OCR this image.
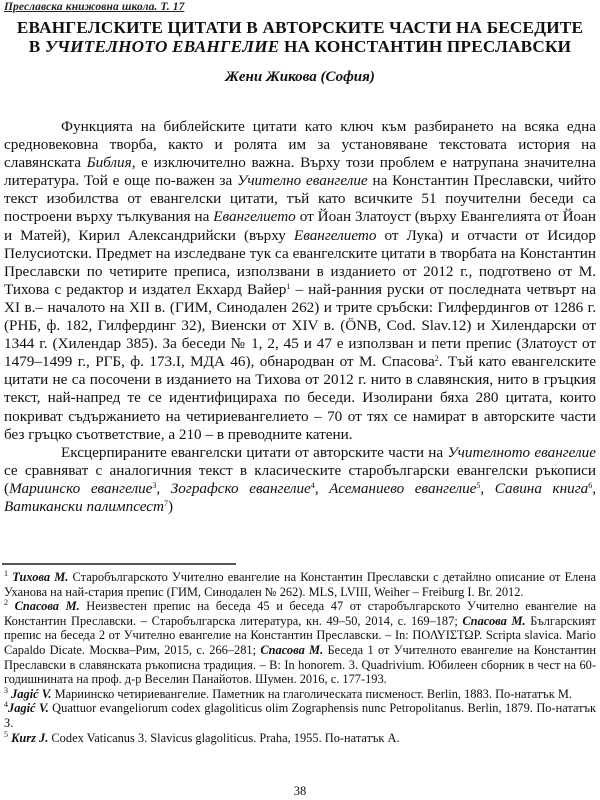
Преславска книжовна школа. Т. 17
ЕВАНГЕЛСКИТЕ ЦИТАТИ В АВТОРСКИТЕ ЧАСТИ НА БЕСЕДИТЕ
В УЧИТЕЛНОТО ЕВАНГЕЛИЕ НА КОНСТАНТИН ПРЕСЛАВСКИ
Жени Жикова (София)

Функцията на библейските цитати като ключ към разбирането на всяка една средновековна творба, както и ролята им за установяване текстовата история на славянската Библия, е изключително важна. Върху този проблем е натрупана значителна литература. Той е още по-важен за Учително евангелие на Константин Преславски, чийто текст изобилства от евангелски цитати, тъй като всичките 51 поучителни беседи са построени върху тълкувания на Евангелието от Йоан Златоуст (върху Евангелията от Йоан и Матей), Кирил Александрийски (върху Евангелието от Лука) и отчасти от Исидор Пелусиотски. Предмет на изследване тук са евангелските цитати в творбата на Константин Преславски по четирите преписа, използвани в изданието от 2012 г., подготвено от М. Тихова с редактор и издател Екхард Вайер$^1$ – най-ранния руски от последната четвърт на XI в.– началото на XII в. (ГИМ, Синодален 262) и трите сръбски: Гилфердингов от 1286 г. (РНБ, ф. 182, Гилфердинг 32), Виенски от XIV в. (ÖNB, Cod. Slav.12) и Хилендарски от 1344 г. (Хилендар 385). За беседи № 1, 2, 45 и 47 е използван и пети препис (Златоуст от 1479–1499 г., РГБ, ф. 173.I, МДА 46), обнародван от М. Спасова$^2$. Тъй като евангелските цитати не са посочени в изданието на Тихова от 2012 г. нито в славянския, нито в гръцкия текст, най-напред те се идентифицираха по беседи. Изолирани бяха 280 цитата, които покриват съдържанието на четириевангелието – 70 от тях се намират в авторските части без гръцко съответствие, а 210 – в преводните катени.

Ексцерпираните евангелски цитати от авторските части на Учителното евангелие се сравняват с аналогичния текст в класическите старобългарски евангелски ръкописи (Мариинско евангелие$^3$, Зографско евангелие$^4$, Асеманиево евангелие$^5$, Савина книга$^6$, Ватикански палимпсест$^7$)

$^1$ Тихова М. Старобългарското Учително евангелие на Константин Преславски с детайлно описание от Елена Уханова на най-стария препис (ГИМ, Синодален № 262). MLS, LVIII, Weiher – Freiburg I. Br. 2012.

$^2$ Спасова М. Неизвестен препис на беседа 45 и беседа 47 от старобългарското Учително евангелие на Константин Преславски. – Старобългарска литература, кн. 49–50, 2014, с. 169–187; Спасова М. Българският препис на беседа 2 от Учително евангелие на Константин Преславски. – In: ΠΟΛΥΙΣΤΩΡ. Scripta slavica. Mario Capaldo Dicate. Москва–Рим, 2015, с. 266–281; Спасова М. Беседа 1 от Учителното евангелие на Константин Преславски в славянската ръкописна традиция. – В: In honorem. 3. Quadrivium. Юбилеен сборник в чест на 60-годишнината на проф. д-р Веселин Панайотов. Шумен. 2016, с. 177-193.

$^3$ Jagić V. Мариинско четириевангелие. Паметник на глаголическата писменост. Berlin, 1883. По-нататък М.

$^4$Jagić V. Quattuor evangeliorum codex glagoliticus olim Zographensis nunc Petropolitanus. Berlin, 1879. По-нататък З.

$^5$ Kurz J. Codex Vaticanus 3. Slavicus glagoliticus. Praha, 1955. По-нататък А.

38
